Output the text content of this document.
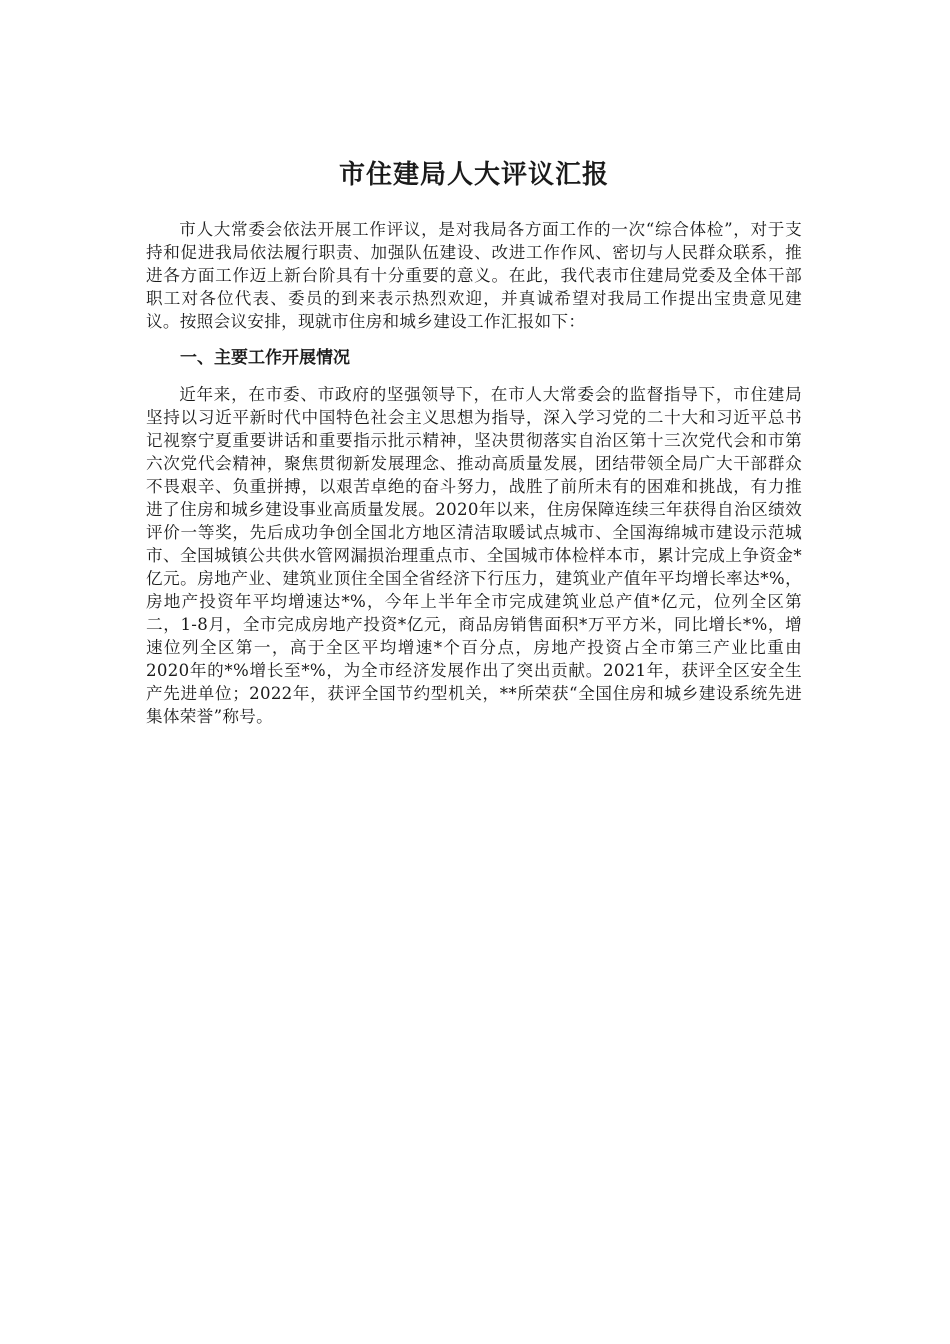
市住建局人大评议汇报

市人大常委会依法开展工作评议，是对我局各方面工作的一次“综合体检”，对于支持和促进我局依法履行职责、加强队伍建设、改进工作作风、密切与人民群众联系，推进各方面工作迈上新台阶具有十分重要的意义。在此，我代表市住建局党委及全体干部职工对各位代表、委员的到来表示热烈欢迎，并真诚希望对我局工作提出宝贵意见建议。按照会议安排，现就市住房和城乡建设工作汇报如下：

一、主要工作开展情况

近年来，在市委、市政府的坚强领导下，在市人大常委会的监督指导下，市住建局坚持以习近平新时代中国特色社会主义思想为指导，深入学习党的二十大和习近平总书记视察宁夏重要讲话和重要指示批示精神，坚决贯彻落实自治区第十三次党代会和市第六次党代会精神，聚焦贯彻新发展理念、推动高质量发展，团结带领全局广大干部群众不畏艰辛、负重拼搏，以艰苦卓绝的奋斗努力，战胜了前所未有的困难和挑战，有力推进了住房和城乡建设事业高质量发展。2020年以来，住房保障连续三年获得自治区绩效评价一等奖，先后成功争创全国北方地区清洁取暖试点城市、全国海绵城市建设示范城市、全国城镇公共供水管网漏损治理重点市、全国城市体检样本市，累计完成上争资金*亿元。房地产业、建筑业顶住全国全省经济下行压力，建筑业产值年平均增长率达*%，房地产投资年平均增速达*%，今年上半年全市完成建筑业总产值*亿元，位列全区第二，1-8月，全市完成房地产投资*亿元，商品房销售面积*万平方米，同比增长*%，增速位列全区第一，高于全区平均增速*个百分点，房地产投资占全市第三产业比重由2020年的*%增长至*%，为全市经济发展作出了突出贡献。2021年，获评全区安全生产先进单位；2022年，获评全国节约型机关，**所荣获“全国住房和城乡建设系统先进集体荣誉”称号。
